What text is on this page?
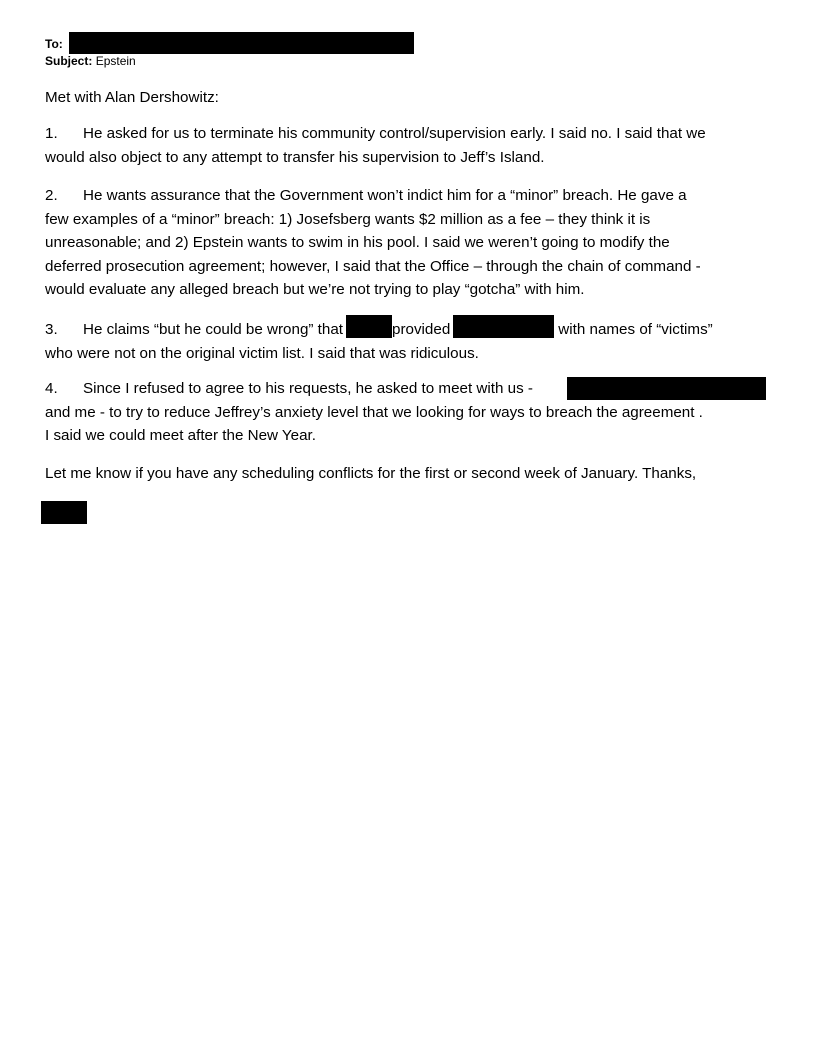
To:
Subject: Epstein
Met with Alan Dershowitz:
1. He asked for us to terminate his community control/supervision early. I said no. I said that we
would also object to any attempt to transfer his supervision to Jeff’s Island.
2. He wants assurance that the Government won’t indict him for a “minor” breach. He gave a
few examples of a “minor” breach: 1) Josefsberg wants $2 million as a fee – they think it is
unreasonable; and 2) Epstein wants to swim in his pool. I said we weren’t going to modify the
deferred prosecution agreement; however, I said that the Office – through the chain of command -
would evaluate any alleged breach but we’re not trying to play “gotcha” with him.
3. He claims “but he could be wrong” that	provided	with names of “victims”
who were not on the original victim list. I said that was ridiculous.
4. Since I refused to agree to his requests, he asked to meet with us -
and me - to try to reduce Jeffrey’s anxiety level that we looking for ways to breach the agreement .
I said we could meet after the New Year.
Let me know if you have any scheduling conflicts for the first or second week of January. Thanks,
